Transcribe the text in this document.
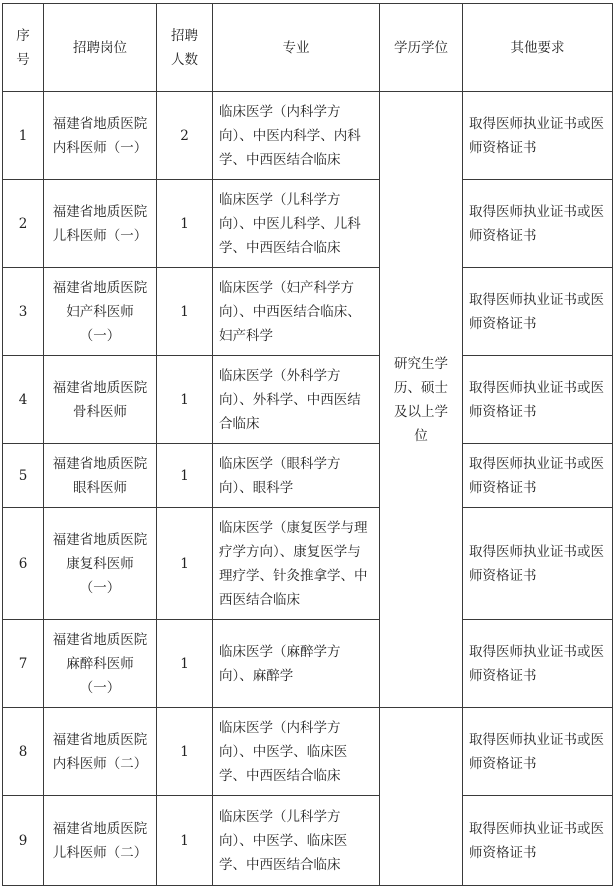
序号	招聘岗位	招聘人数	专业	学历学位	其他要求
1	福建省地质医院内科医师（一）	2	临床医学（内科学方向）、中医内科学、内科学、中西医结合临床	研究生学历、硕士及以上学位	取得医师执业证书或医师资格证书
2	福建省地质医院儿科医师（一）	1	临床医学（儿科学方向）、中医儿科学、儿科学、中西医结合临床		取得医师执业证书或医师资格证书
3	福建省地质医院妇产科医师（一）	1	临床医学（妇产科学方向）、中西医结合临床、妇产科学		取得医师执业证书或医师资格证书
4	福建省地质医院骨科医师	1	临床医学（外科学方向）、外科学、中西医结合临床		取得医师执业证书或医师资格证书
5	福建省地质医院眼科医师	1	临床医学（眼科学方向）、眼科学		取得医师执业证书或医师资格证书
6	福建省地质医院康复科医师（一）	1	临床医学（康复医学与理疗学方向）、康复医学与理疗学、针灸推拿学、中西医结合临床		取得医师执业证书或医师资格证书
7	福建省地质医院麻醉科医师（一）	1	临床医学（麻醉学方向）、麻醉学		取得医师执业证书或医师资格证书
8	福建省地质医院内科医师（二）	1	临床医学（内科学方向）、中医学、临床医学、中西医结合临床		取得医师执业证书或医师资格证书
9	福建省地质医院儿科医师（二）	1	临床医学（儿科学方向）、中医学、临床医学、中西医结合临床		取得医师执业证书或医师资格证书
